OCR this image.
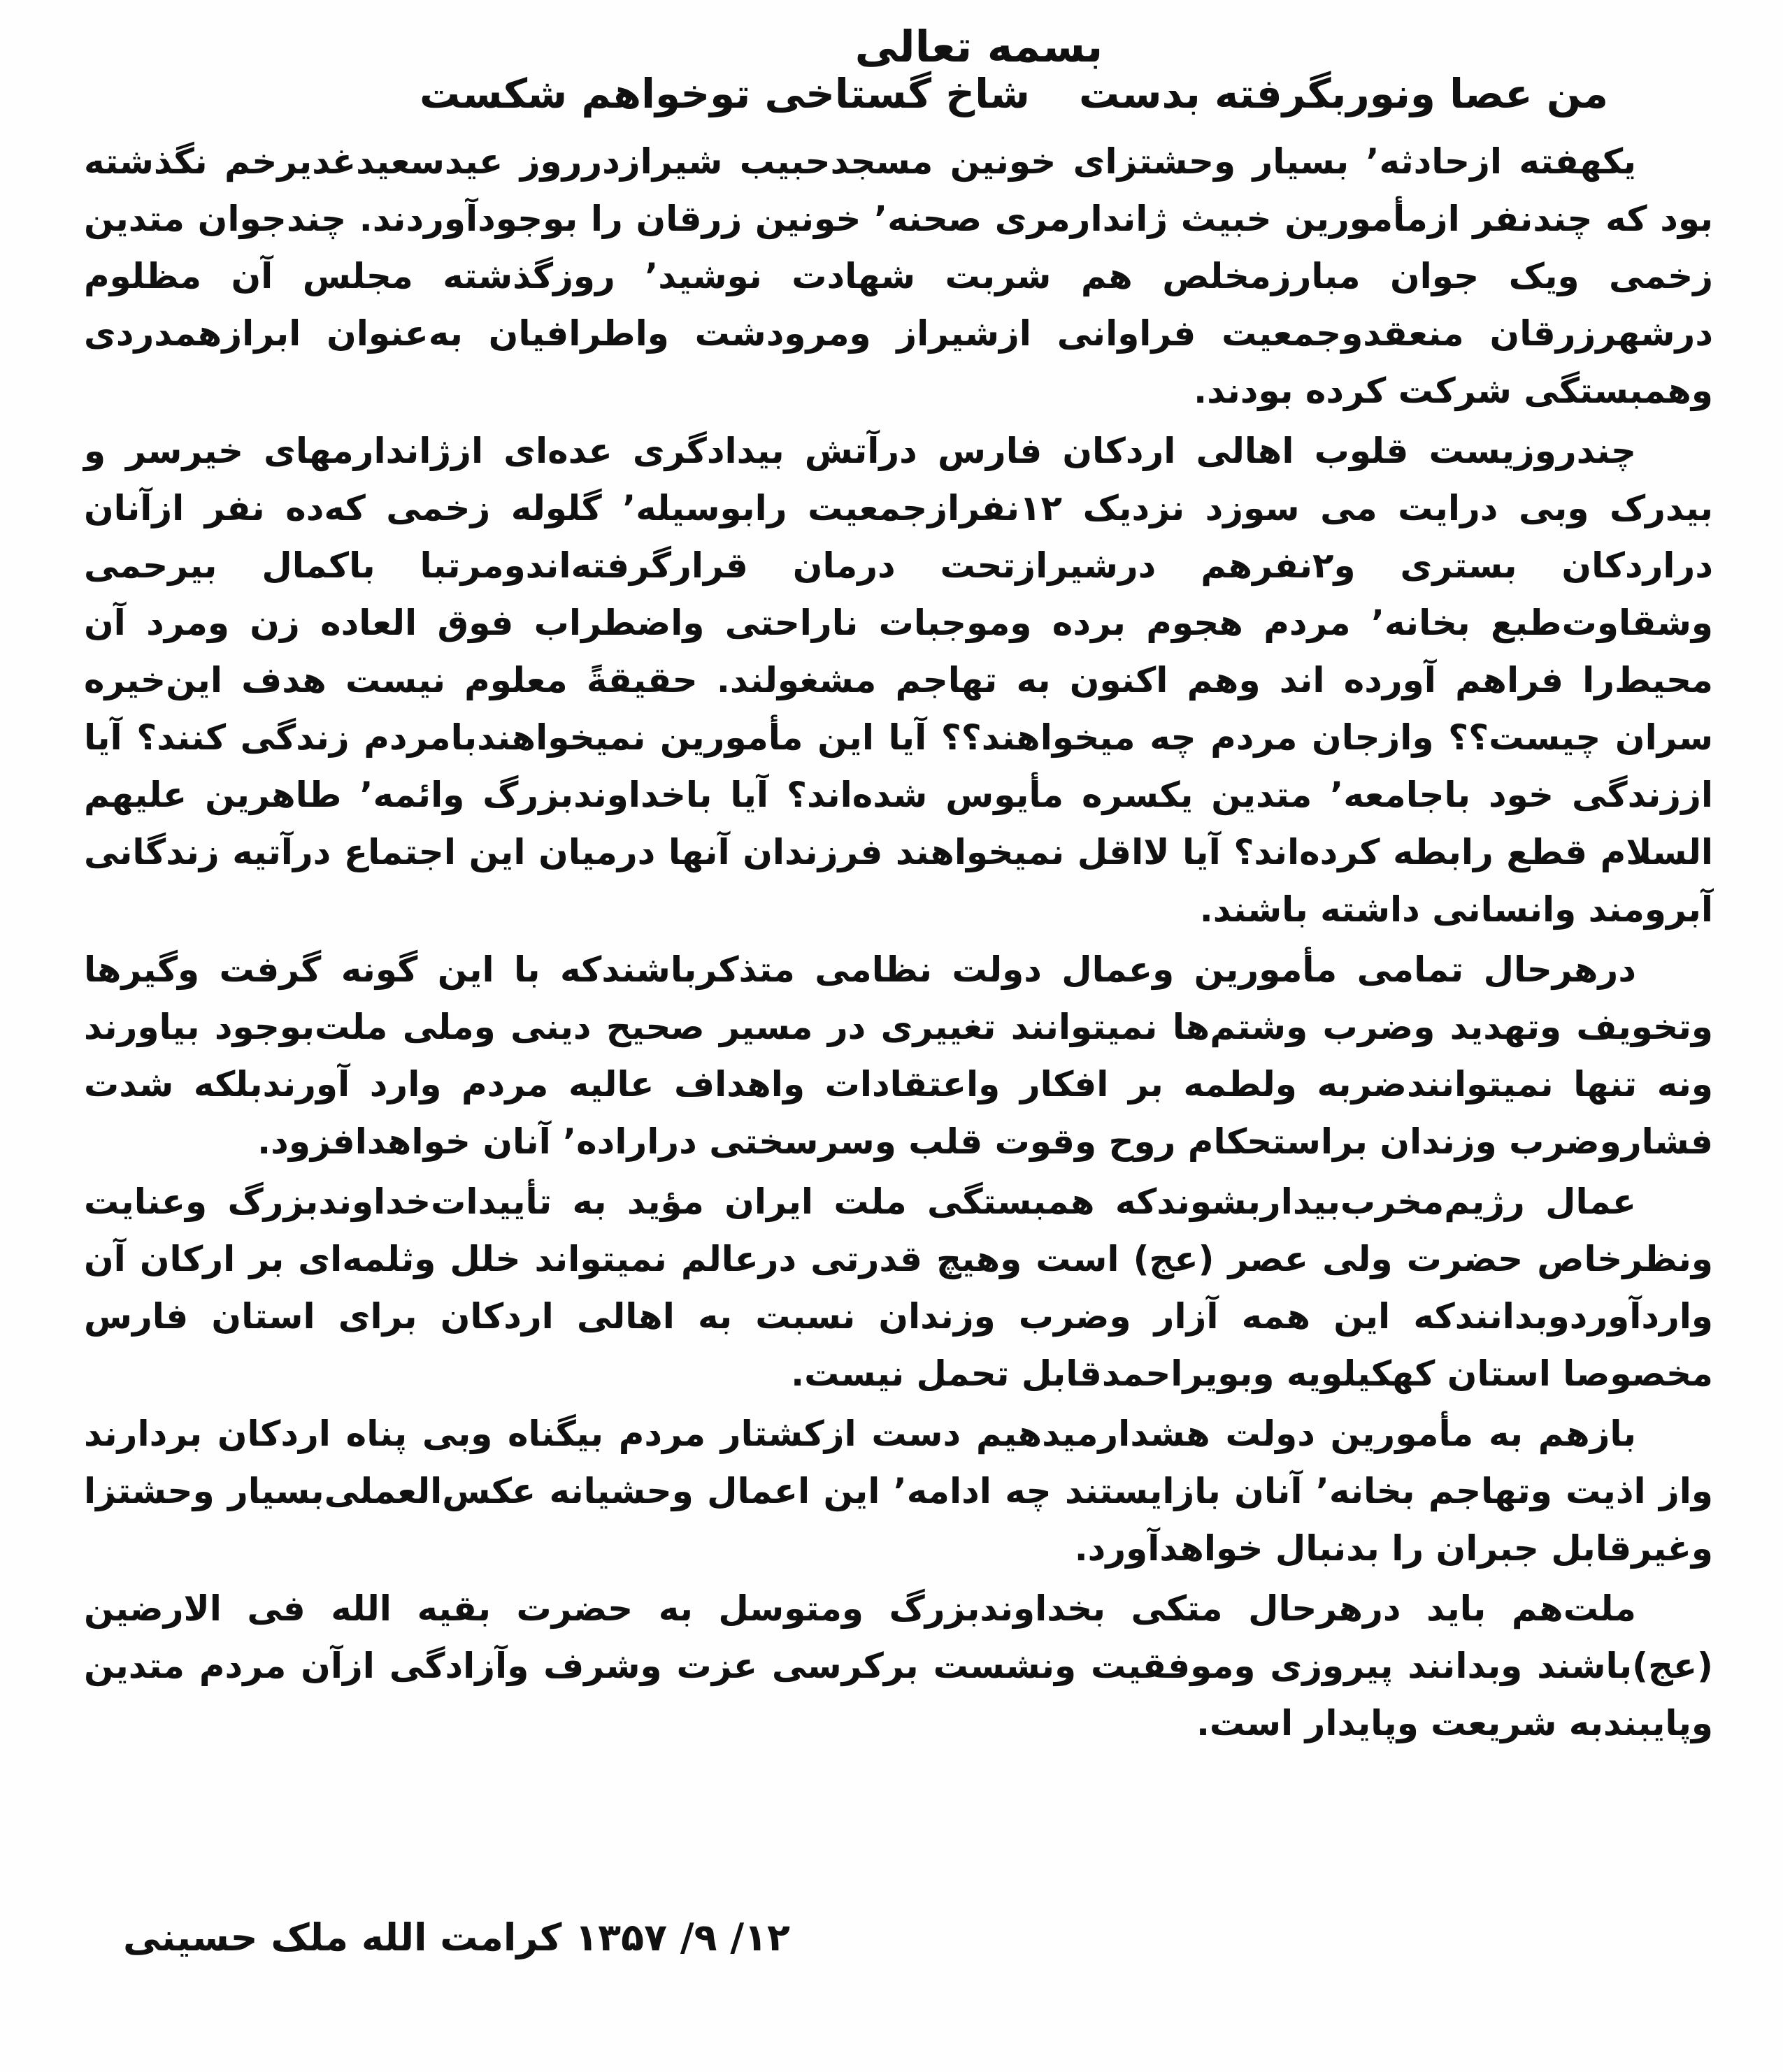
بسمه تعالی
من عصا ونوربگرفته بدست
شاخ گستاخی توخواهم شکست

یکهفته ازحادثه٬ بسیار وحشتزای خونین مسجدحبیب شیرازدرروز عیدسعیدغدیرخم نگذشته بود که چندنفر ازمأمورین خبیث ژاندارمری صحنه٬ خونین زرقان را بوجودآوردند. چندجوان متدین زخمی ویک جوان مبارزمخلص هم شربت شهادت نوشید٬ روزگذشته مجلس آن مظلوم درشهرزرقان منعقدوجمعیت فراوانی ازشیراز ومرودشت واطرافیان به‌عنوان ابرازهمدردی وهمبستگی شرکت کرده بودند.

چندروزیست قلوب اهالی اردکان فارس درآتش بیدادگری عده‌ای ازژاندارمهای خیرسر و بیدرک وبی درایت می سوزد نزدیک ۱۲نفرازجمعیت رابوسیله٬ گلوله زخمی که‌ده نفر ازآنان دراردکان بستری و۲نفرهم درشیرازتحت درمان قرارگرفته‌اندومرتبا باکمال بیرحمی وشقاوت‌طبع بخانه٬ مردم هجوم برده وموجبات ناراحتی واضطراب فوق العاده زن ومرد آن محیط‌را فراهم آورده اند وهم اکنون به تهاجم مشغولند. حقیقةً معلوم نیست هدف این‌خیره سران چیست؟؟ وازجان مردم چه میخواهند؟؟ آیا این مأمورین نمیخواهند‌بامردم زندگی کنند؟ آیا اززندگی خود باجامعه٬ متدین یکسره مأیوس شده‌اند؟ آیا باخداوندبزرگ وائمه٬ طاهرین علیهم السلام قطع رابطه کرده‌اند؟ آیا لااقل نمیخواهند فرزندان آنها درمیان این اجتماع درآتیه زندگانی آبرومند وانسانی داشته باشند.

درهرحال تمامی مأمورین وعمال دولت نظامی متذکرباشندکه با این گونه گرفت وگیرها وتخویف وتهدید وضرب وشتم‌ها نمیتوانند تغییری در مسیر صحیح دینی وملی ملت‌بوجود بیاورند ونه تنها نمیتوانندضربه ولطمه بر افکار واعتقادات واهداف عالیه مردم وارد آورندبلکه شدت فشاروضرب وزندان براستحکام روح وقوت قلب وسرسختی دراراده٬ آنان خواهدافزود.

عمال رژیم‌مخرب‌بیداربشوندکه همبستگی ملت ایران مؤید به تأییدات‌خداوندبزرگ وعنایت ونظرخاص حضرت ولی عصر (عج) است وهیچ قدرتی درعالم نمیتواند خلل وثلمه‌ای بر ارکان آن واردآوردوبدانندکه این همه آزار وضرب وزندان نسبت به اهالی اردکان برای استان فارس مخصوصا استان کهکیلویه وبویراحمدقابل تحمل نیست.

بازهم به مأمورین دولت هشدارمیدهیم دست ازکشتار مردم بیگناه وبی پناه اردکان بردارند واز اذیت وتهاجم بخانه٬ آنان بازایستند چه ادامه٬ این اعمال وحشیانه عکس‌العملی‌بسیار وحشتزا وغیرقابل جبران را بدنبال خواهدآورد.

ملت‌هم باید درهرحال متکی بخداوندبزرگ ومتوسل به حضرت بقیه الله فی الارضین (عج)باشند وبدانند پیروزی وموفقیت ونشست برکرسی عزت وشرف وآزادگی ازآن مردم متدین وپایبندبه شریعت وپایدار است.

۱۲/ ۹/ ۱۳۵۷ کرامت الله ملک حسینی
